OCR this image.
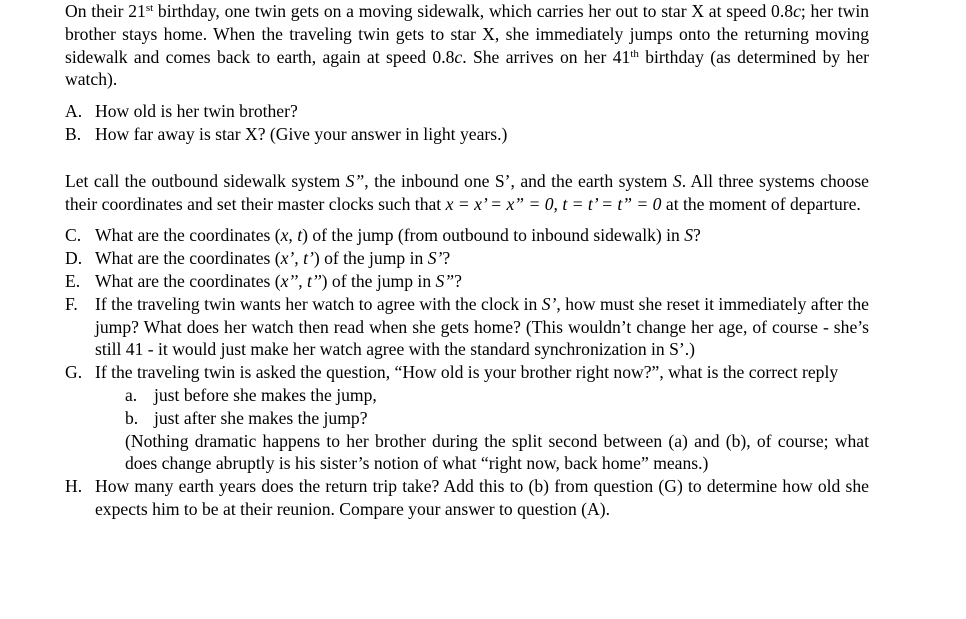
On their 21st birthday, one twin gets on a moving sidewalk, which carries her out to star X at speed 0.8c; her twin brother stays home. When the traveling twin gets to star X, she immediately jumps onto the returning moving sidewalk and comes back to earth, again at speed 0.8c. She arrives on her 41th birthday (as determined by her watch).

A. How old is her twin brother?
B. How far away is star X? (Give your answer in light years.)

Let call the outbound sidewalk system S”, the inbound one S’, and the earth system S. All three systems choose their coordinates and set their master clocks such that x = x’ = x” = 0, t = t’ = t” = 0 at the moment of departure.

C. What are the coordinates (x, t) of the jump (from outbound to inbound sidewalk) in S?
D. What are the coordinates (x’, t’) of the jump in S’?
E. What are the coordinates (x’’, t’’) of the jump in S”?
F. If the traveling twin wants her watch to agree with the clock in S’, how must she reset it immediately after the jump? What does her watch then read when she gets home? (This wouldn’t change her age, of course - she’s still 41 - it would just make her watch agree with the standard synchronization in S’.)
G. If the traveling twin is asked the question, “How old is your brother right now?”, what is the correct reply
a. just before she makes the jump,
b. just after she makes the jump?
(Nothing dramatic happens to her brother during the split second between (a) and (b), of course; what does change abruptly is his sister’s notion of what “right now, back home” means.)
H. How many earth years does the return trip take? Add this to (b) from question (G) to determine how old she expects him to be at their reunion. Compare your answer to question (A).
